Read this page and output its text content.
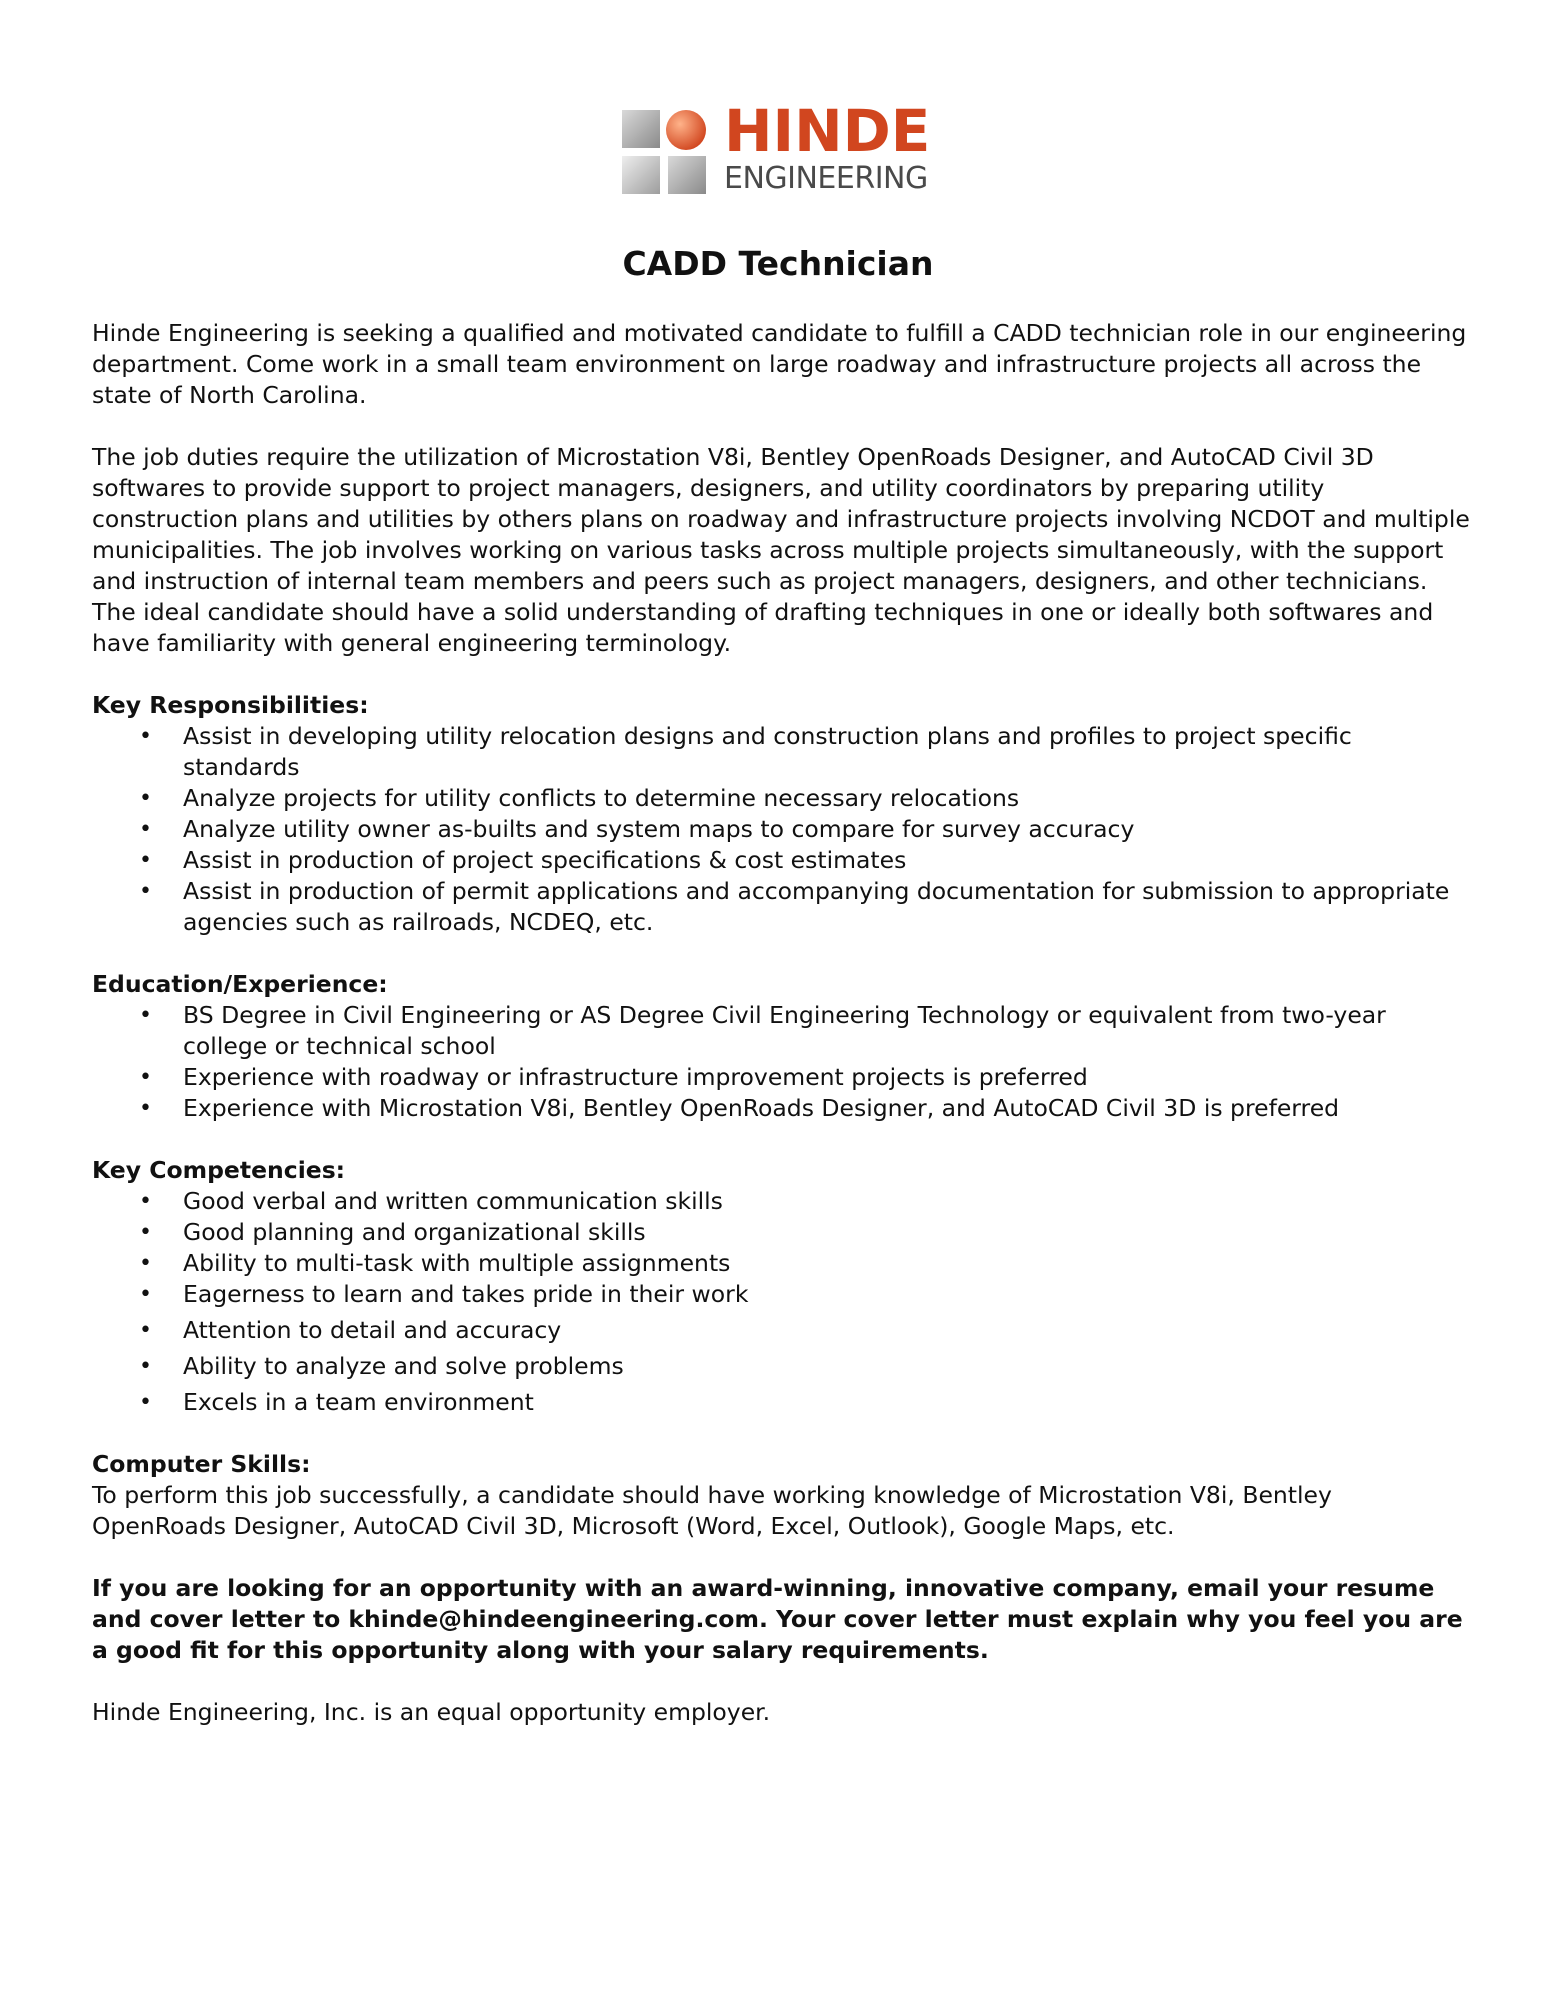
HINDE
ENGINEERING
CADD Technician

Hinde Engineering is seeking a qualified and motivated candidate to fulfill a CADD technician role in our engineering department. Come work in a small team environment on large roadway and infrastructure projects all across the state of North Carolina.

The job duties require the utilization of Microstation V8i, Bentley OpenRoads Designer, and AutoCAD Civil 3D softwares to provide support to project managers, designers, and utility coordinators by preparing utility construction plans and utilities by others plans on roadway and infrastructure projects involving NCDOT and multiple municipalities. The job involves working on various tasks across multiple projects simultaneously, with the support and instruction of internal team members and peers such as project managers, designers, and other technicians. The ideal candidate should have a solid understanding of drafting techniques in one or ideally both softwares and have familiarity with general engineering terminology.

Key Responsibilities:
• Assist in developing utility relocation designs and construction plans and profiles to project specific standards
• Analyze projects for utility conflicts to determine necessary relocations
• Analyze utility owner as-builts and system maps to compare for survey accuracy
• Assist in production of project specifications & cost estimates
• Assist in production of permit applications and accompanying documentation for submission to appropriate agencies such as railroads, NCDEQ, etc.
Education/Experience:
• BS Degree in Civil Engineering or AS Degree Civil Engineering Technology or equivalent from two-year college or technical school
• Experience with roadway or infrastructure improvement projects is preferred
• Experience with Microstation V8i, Bentley OpenRoads Designer, and AutoCAD Civil 3D is preferred
Key Competencies:
• Good verbal and written communication skills
• Good planning and organizational skills
• Ability to multi-task with multiple assignments
• Eagerness to learn and takes pride in their work
• Attention to detail and accuracy
• Ability to analyze and solve problems
• Excels in a team environment
Computer Skills:

To perform this job successfully, a candidate should have working knowledge of Microstation V8i, Bentley OpenRoads Designer, AutoCAD Civil 3D, Microsoft (Word, Excel, Outlook), Google Maps, etc.

If you are looking for an opportunity with an award-winning, innovative company, email your resume and cover letter to khinde@hindeengineering.com. Your cover letter must explain why you feel you are a good fit for this opportunity along with your salary requirements.

Hinde Engineering, Inc. is an equal opportunity employer.
